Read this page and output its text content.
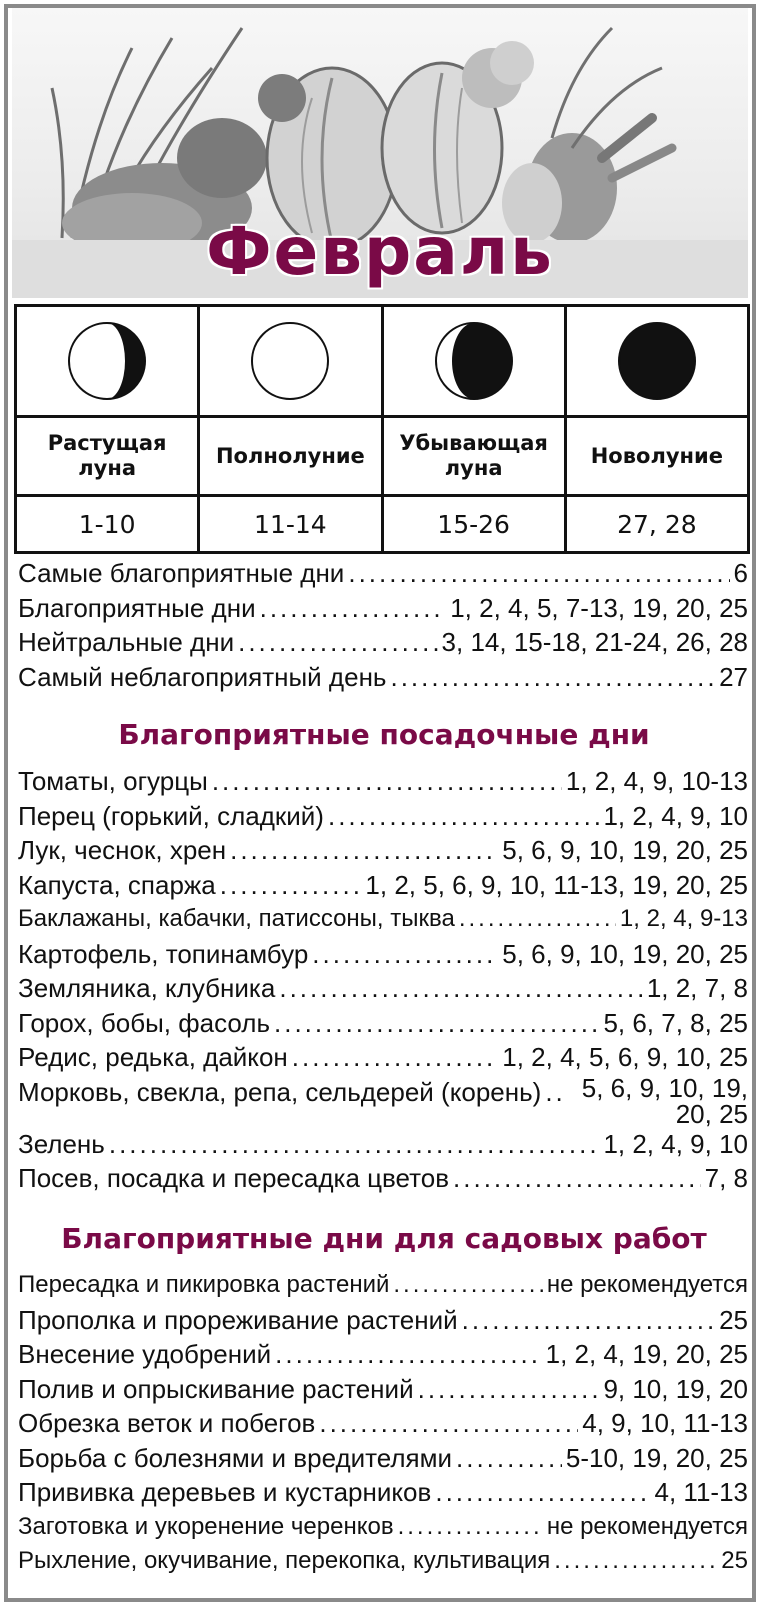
Февраль

Растущая луна	Полнолуние	Убывающая луна	Новолуние
1-10	11-14	15-26	27, 28
Самые благоприятные дни .....	6
Благоприятные дни .....	1, 2, 4, 5, 7-13, 19, 20, 25
Нейтральные дни .....	3, 14, 15-18, 21-24, 26, 28
Самый неблагоприятный день .....	27
Благоприятные посадочные дни
Томаты, огурцы .....	1, 2, 4, 9, 10-13
Перец (горький, сладкий) .....	1, 2, 4, 9, 10
Лук, чеснок, хрен .....	5, 6, 9, 10, 19, 20, 25
Капуста, спаржа .....	1, 2, 5, 6, 9, 10, 11-13, 19, 20, 25
Баклажаны, кабачки, патиссоны, тыква .....	1, 2, 4, 9-13
Картофель, топинамбур .....	5, 6, 9, 10, 19, 20, 25
Земляника, клубника .....	1, 2, 7, 8
Горох, бобы, фасоль .....	5, 6, 7, 8, 25
Редис, редька, дайкон .....	1, 2, 4, 5, 6, 9, 10, 25
Морковь, свекла, репа, сельдерей (корень) .....	5, 6, 9, 10, 19, 20, 25
Зелень .....	1, 2, 4, 9, 10
Посев, посадка и пересадка цветов .....	7, 8
Благоприятные дни для садовых работ
Пересадка и пикировка растений .....	не рекомендуется
Прополка и прореживание растений .....	25
Внесение удобрений .....	1, 2, 4, 19, 20, 25
Полив и опрыскивание растений .....	9, 10, 19, 20
Обрезка веток и побегов .....	4, 9, 10, 11-13
Борьба с болезнями и вредителями .....	5-10, 19, 20, 25
Прививка деревьев и кустарников .....	4, 11-13
Заготовка и укоренение черенков .....	не рекомендуется
Рыхление, окучивание, перекопка, культивация .....	25
